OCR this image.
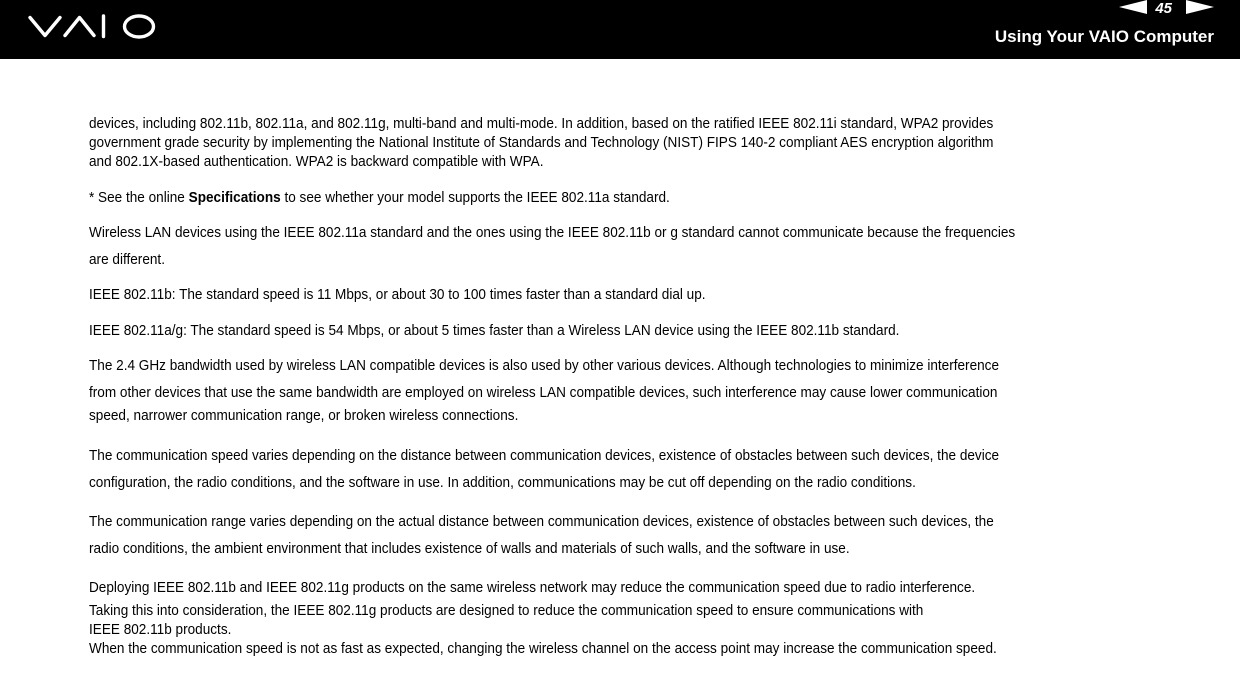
45
Using Your VAIO Computer

devices, including 802.11b, 802.11a, and 802.11g, multi-band and multi-mode. In addition, based on the ratified IEEE 802.11i standard, WPA2 provides
government grade security by implementing the National Institute of Standards and Technology (NIST) FIPS 140-2 compliant AES encryption algorithm
and 802.1X-based authentication. WPA2 is backward compatible with WPA.

* See the online Specifications to see whether your model supports the IEEE 802.11a standard.

Wireless LAN devices using the IEEE 802.11a standard and the ones using the IEEE 802.11b or g standard cannot communicate because the frequencies
are different.

IEEE 802.11b: The standard speed is 11 Mbps, or about 30 to 100 times faster than a standard dial up.

IEEE 802.11a/g: The standard speed is 54 Mbps, or about 5 times faster than a Wireless LAN device using the IEEE 802.11b standard.

The 2.4 GHz bandwidth used by wireless LAN compatible devices is also used by other various devices. Although technologies to minimize interference
from other devices that use the same bandwidth are employed on wireless LAN compatible devices, such interference may cause lower communication
speed, narrower communication range, or broken wireless connections.

The communication speed varies depending on the distance between communication devices, existence of obstacles between such devices, the device
configuration, the radio conditions, and the software in use. In addition, communications may be cut off depending on the radio conditions.

The communication range varies depending on the actual distance between communication devices, existence of obstacles between such devices, the
radio conditions, the ambient environment that includes existence of walls and materials of such walls, and the software in use.

Deploying IEEE 802.11b and IEEE 802.11g products on the same wireless network may reduce the communication speed due to radio interference.
Taking this into consideration, the IEEE 802.11g products are designed to reduce the communication speed to ensure communications with
IEEE 802.11b products.
When the communication speed is not as fast as expected, changing the wireless channel on the access point may increase the communication speed.
